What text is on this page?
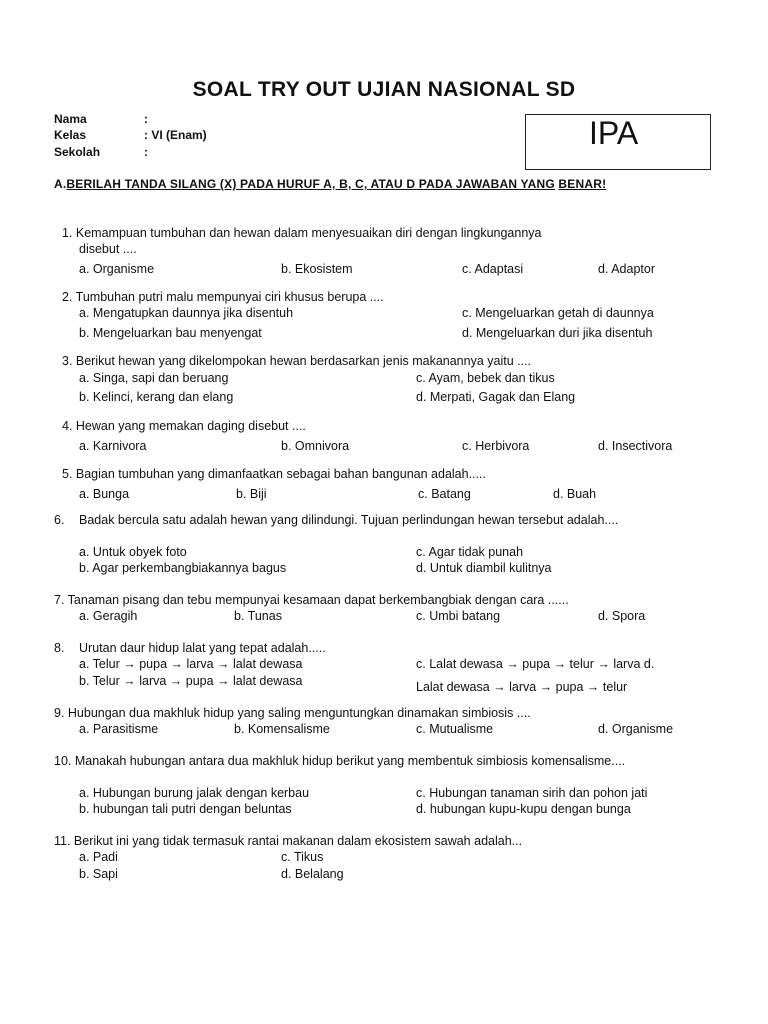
SOAL TRY OUT UJIAN NASIONAL SD
Nama	:
Kelas	: VI (Enam)
Sekolah	:
IPA
A.BERILAH TANDA SILANG (X) PADA HURUF A, B, C, ATAU D PADA JAWABAN YANG BENAR!
1. Kemampuan tumbuhan dan hewan dalam menyesuaikan diri dengan lingkungannya
disebut ....
a. Organisme	b. Ekosistem	c. Adaptasi	d. Adaptor
2. Tumbuhan putri malu mempunyai ciri khusus berupa ....
a. Mengatupkan daunnya jika disentuh	c. Mengeluarkan getah di daunnya
b. Mengeluarkan bau menyengat	d. Mengeluarkan duri jika disentuh
3. Berikut hewan yang dikelompokan hewan berdasarkan jenis makanannya yaitu ....
a. Singa, sapi dan beruang	c. Ayam, bebek dan tikus
b. Kelinci, kerang dan elang	d. Merpati, Gagak dan Elang
4. Hewan yang memakan daging disebut ....
a. Karnivora	b. Omnivora	c. Herbivora	d. Insectivora
5. Bagian tumbuhan yang dimanfaatkan sebagai bahan bangunan adalah.....
a. Bunga	b. Biji	c. Batang	d. Buah
6. Badak bercula satu adalah hewan yang dilindungi. Tujuan perlindungan hewan tersebut adalah....
a. Untuk obyek foto	c. Agar tidak punah
b. Agar perkembangbiakannya bagus	d. Untuk diambil kulitnya
7. Tanaman pisang dan tebu mempunyai kesamaan dapat berkembangbiak dengan cara ......
a. Geragih	b. Tunas	c. Umbi batang	d. Spora
8. Urutan daur hidup lalat yang tepat adalah.....
a. Telur → pupa → larva → lalat dewasa	c. Lalat dewasa → pupa → telur → larva d.
b. Telur → larva → pupa → lalat dewasa	Lalat dewasa → larva → pupa → telur
9. Hubungan dua makhluk hidup yang saling menguntungkan dinamakan simbiosis ....
a. Parasitisme	b. Komensalisme	c. Mutualisme	d. Organisme
10. Manakah hubungan antara dua makhluk hidup berikut yang membentuk simbiosis komensalisme....
a. Hubungan burung jalak dengan kerbau	c. Hubungan tanaman sirih dan pohon jati
b. hubungan tali putri dengan beluntas	d. hubungan kupu-kupu dengan bunga
11. Berikut ini yang tidak termasuk rantai makanan dalam ekosistem sawah adalah...
a. Padi	c. Tikus
b. Sapi	d. Belalang
